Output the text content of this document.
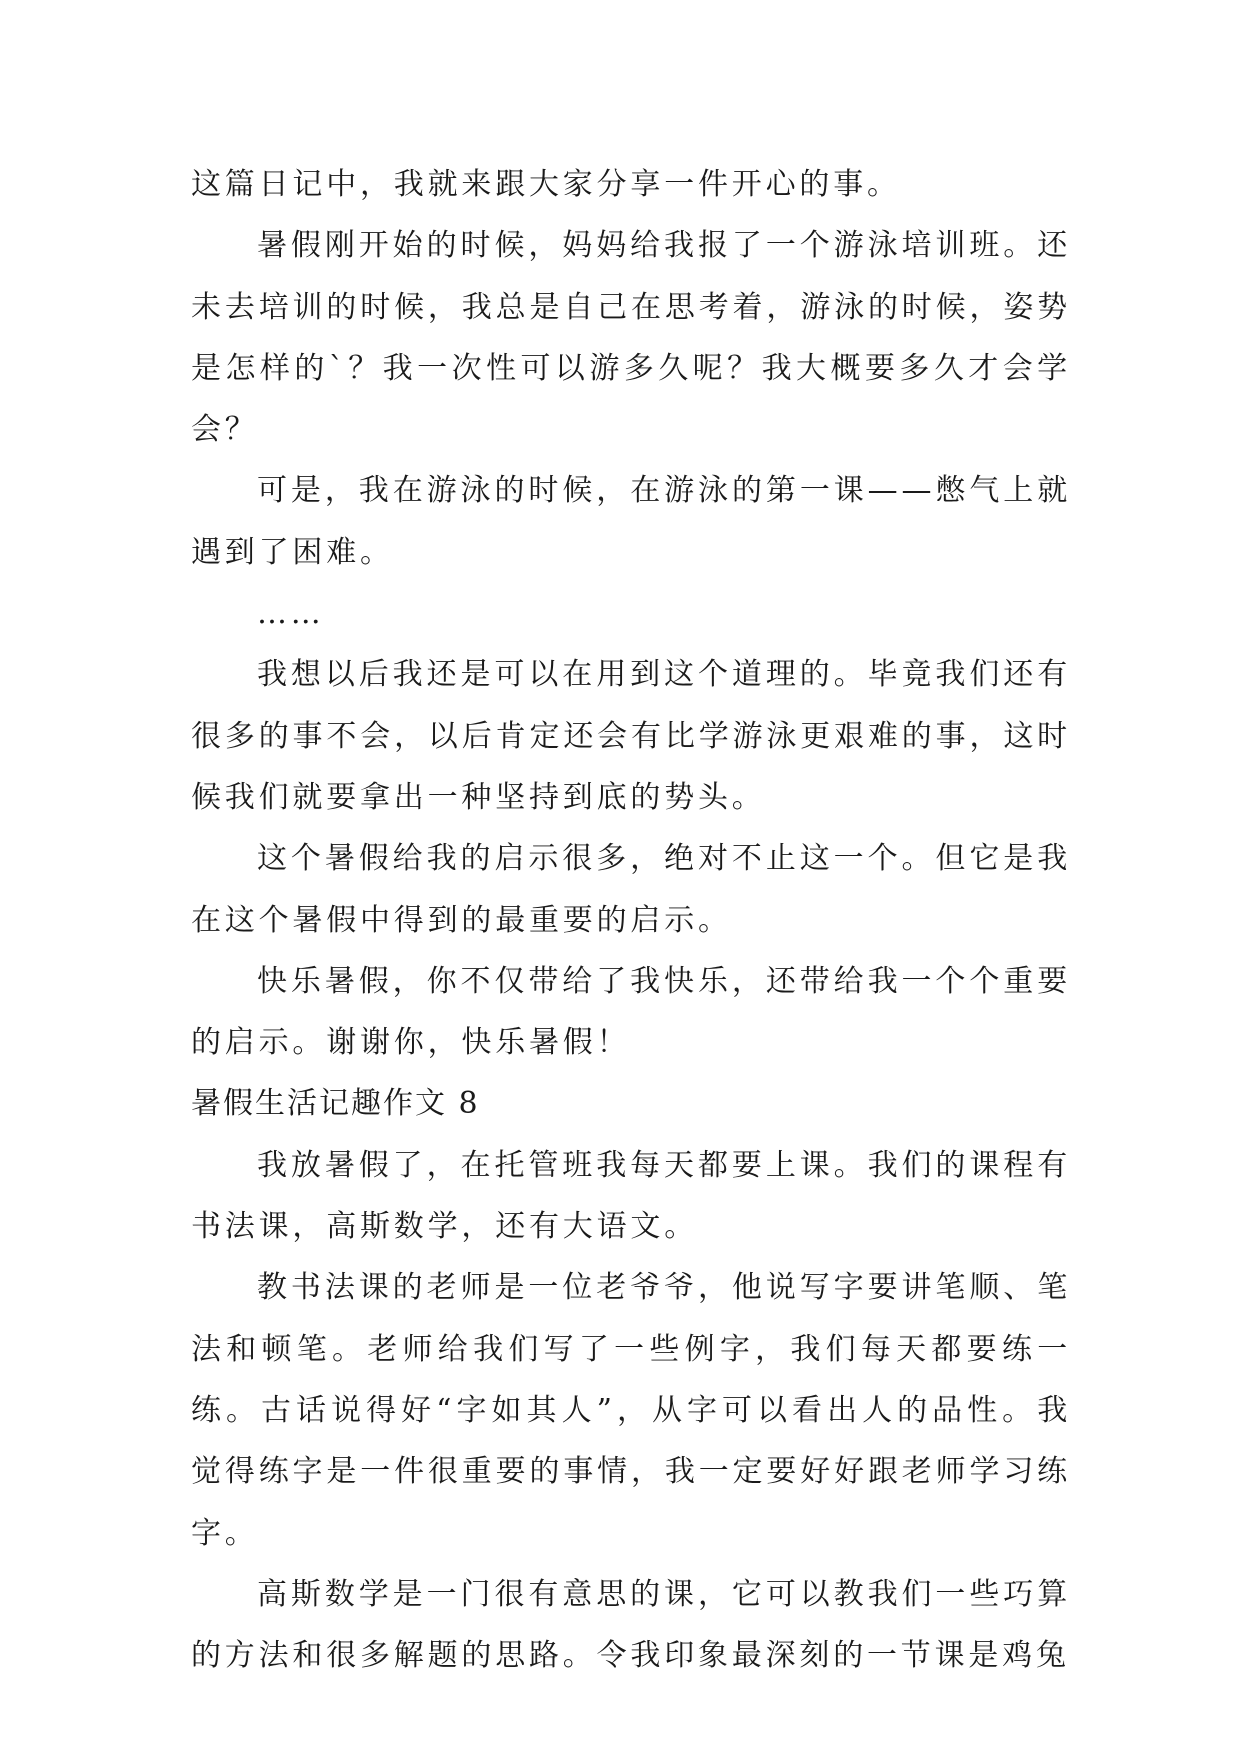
这篇日记中，我就来跟大家分享一件开心的事。

暑假刚开始的时候，妈妈给我报了一个游泳培训班。还未去培训的时候，我总是自己在思考着，游泳的时候，姿势是怎样的`？我一次性可以游多久呢？我大概要多久才会学会？

可是，我在游泳的时候，在游泳的第一课——憋气上就遇到了困难。

……

我想以后我还是可以在用到这个道理的。毕竟我们还有很多的事不会，以后肯定还会有比学游泳更艰难的事，这时候我们就要拿出一种坚持到底的势头。

这个暑假给我的启示很多，绝对不止这一个。但它是我在这个暑假中得到的最重要的启示。

快乐暑假，你不仅带给了我快乐，还带给我一个个重要的启示。谢谢你，快乐暑假！

暑假生活记趣作文 8

我放暑假了，在托管班我每天都要上课。我们的课程有书法课，高斯数学，还有大语文。

教书法课的老师是一位老爷爷，他说写字要讲笔顺、笔法和顿笔。老师给我们写了一些例字，我们每天都要练一练。古话说得好“字如其人”，从字可以看出人的品性。我觉得练字是一件很重要的事情，我一定要好好跟老师学习练字。

高斯数学是一门很有意思的课，它可以教我们一些巧算的方法和很多解题的思路。令我印象最深刻的一节课是鸡兔
